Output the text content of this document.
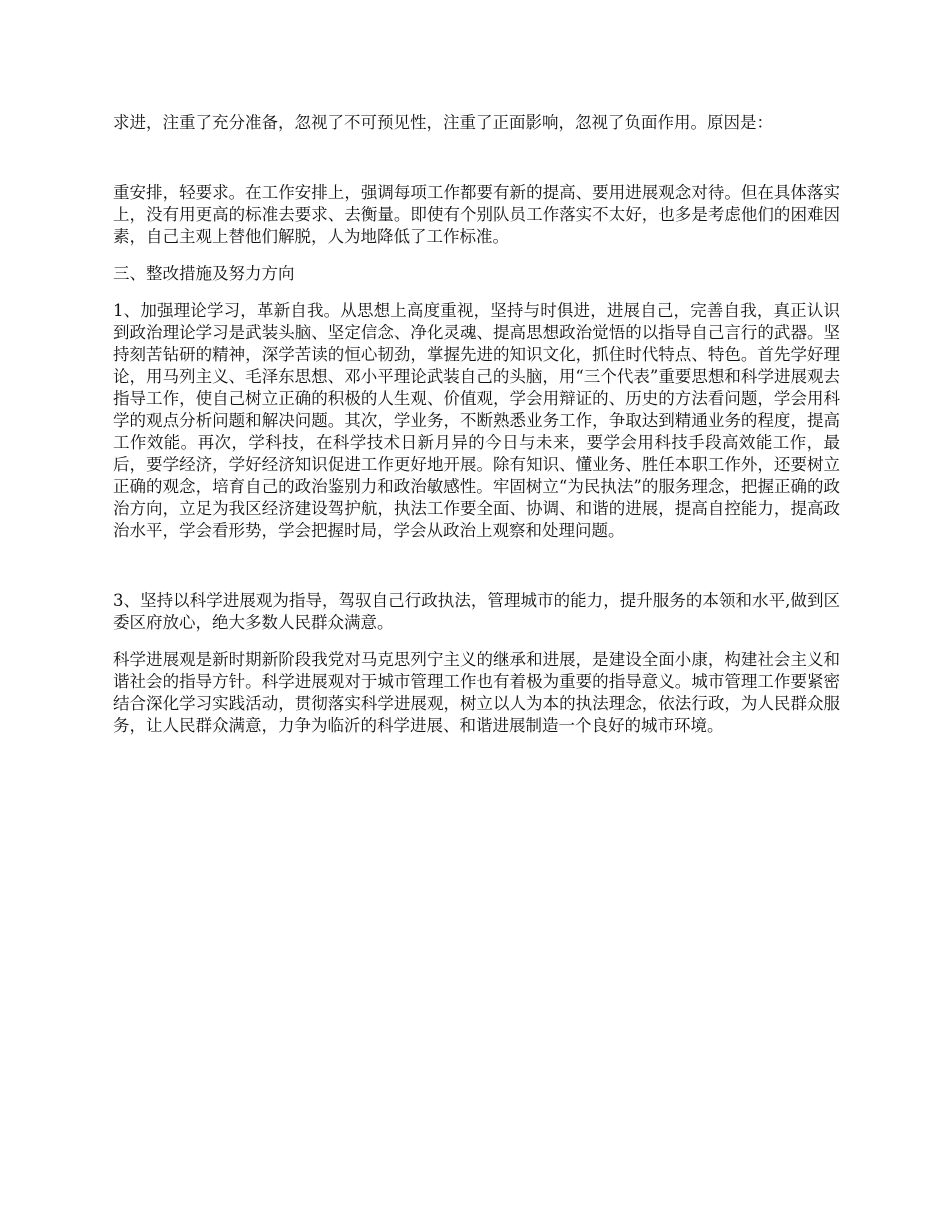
求进，注重了充分准备，忽视了不可预见性，注重了正面影响，忽视了负面作用。原因是：

重安排，轻要求。在工作安排上，强调每项工作都要有新的提高、要用进展观念对待。但在具体落实上，没有用更高的标准去要求、去衡量。即使有个别队员工作落实不太好，也多是考虑他们的困难因素，自己主观上替他们解脱，人为地降低了工作标准。

三、整改措施及努力方向

1、加强理论学习，革新自我。从思想上高度重视，坚持与时俱进，进展自己，完善自我，真正认识到政治理论学习是武装头脑、坚定信念、净化灵魂、提高思想政治觉悟的以指导自己言行的武器。坚持刻苦钻研的精神，深学苦读的恒心韧劲，掌握先进的知识文化，抓住时代特点、特色。首先学好理论，用马列主义、毛泽东思想、邓小平理论武装自己的头脑，用“三个代表”重要思想和科学进展观去指导工作，使自己树立正确的积极的人生观、价值观，学会用辩证的、历史的方法看问题，学会用科学的观点分析问题和解决问题。其次，学业务，不断熟悉业务工作，争取达到精通业务的程度，提高工作效能。再次，学科技，在科学技术日新月异的今日与未来，要学会用科技手段高效能工作，最后，要学经济，学好经济知识促进工作更好地开展。除有知识、懂业务、胜任本职工作外，还要树立正确的观念，培育自己的政治鉴别力和政治敏感性。牢固树立“为民执法”的服务理念，把握正确的政治方向，立足为我区经济建设驾护航，执法工作要全面、协调、和谐的进展，提高自控能力，提高政治水平，学会看形势，学会把握时局，学会从政治上观察和处理问题。

3、坚持以科学进展观为指导，驾驭自己行政执法，管理城市的能力，提升服务的本领和水平,做到区委区府放心，绝大多数人民群众满意。

科学进展观是新时期新阶段我党对马克思列宁主义的继承和进展，是建设全面小康，构建社会主义和谐社会的指导方针。科学进展观对于城市管理工作也有着极为重要的指导意义。城市管理工作要紧密结合深化学习实践活动，贯彻落实科学进展观，树立以人为本的执法理念，依法行政，为人民群众服务，让人民群众满意，力争为临沂的科学进展、和谐进展制造一个良好的城市环境。
